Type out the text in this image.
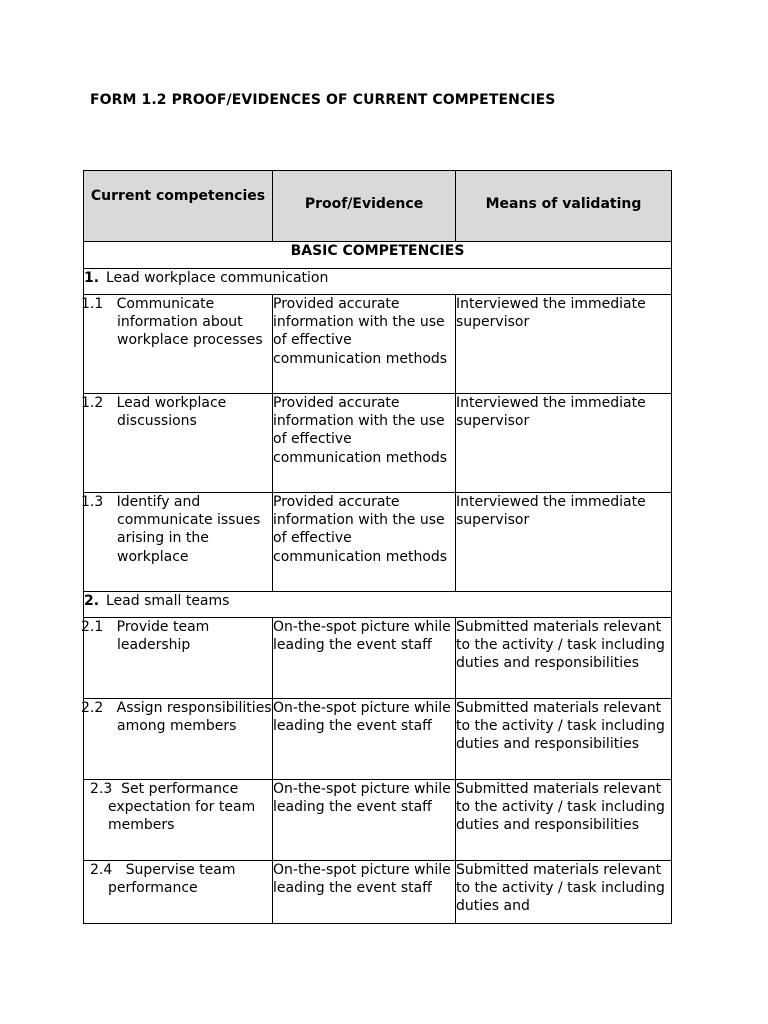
FORM 1.2 PROOF/EVIDENCES OF CURRENT COMPETENCIES
Current competencies	Proof/Evidence	Means of validating

BASIC COMPETENCIES		
1. Lead workplace communication		

1.1 Communicate information about workplace processes	Provided accurate information with the use of effective communication methods	Interviewed the immediate supervisor

1.2 Lead workplace discussions	Provided accurate information with the use of effective communication methods	Interviewed the immediate supervisor

1.3 Identify and communicate issues arising in the workplace	Provided accurate information with the use of effective communication methods	Interviewed the immediate supervisor
2. Lead small teams		

2.1 Provide team leadership	On-the-spot picture while leading the event staff	Submitted materials relevant to the activity / task including duties and responsibilities

2.2 Assign responsibilities among members	On-the-spot picture while leading the event staff	Submitted materials relevant to the activity / task including duties and responsibilities

2.3 Set performance expectation for team members	On-the-spot picture while leading the event staff	Submitted materials relevant to the activity / task including duties and responsibilities

2.4 Supervise team performance	On-the-spot picture while leading the event staff	Submitted materials relevant to the activity / task including duties and
